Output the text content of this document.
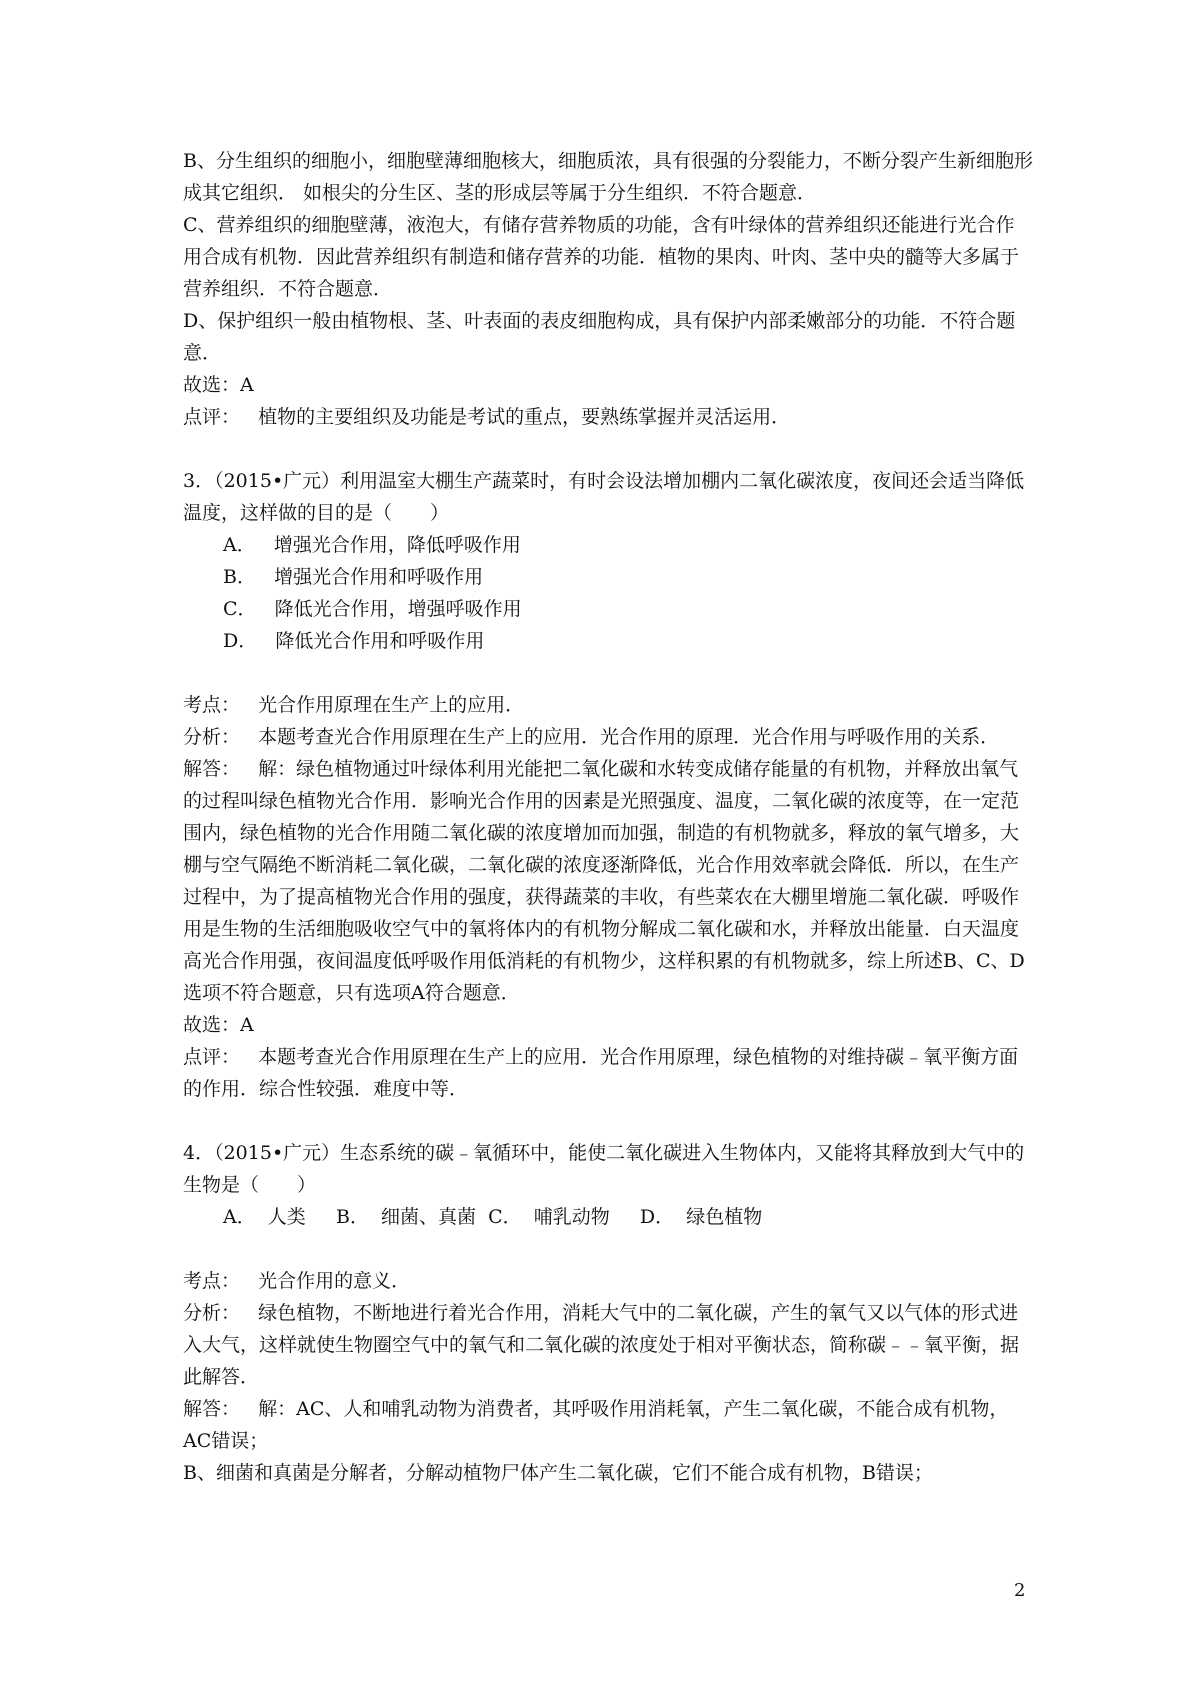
B、分生组织的细胞小，细胞壁薄细胞核大，细胞质浓，具有很强的分裂能力，不断分裂产生新细胞形成其它组织． 如根尖的分生区、茎的形成层等属于分生组织．不符合题意．

C、营养组织的细胞壁薄，液泡大，有储存营养物质的功能，含有叶绿体的营养组织还能进行光合作用合成有机物．因此营养组织有制造和储存营养的功能．植物的果肉、叶肉、茎中央的髓等大多属于营养组织．不符合题意．

D、保护组织一般由植物根、茎、叶表面的表皮细胞构成，具有保护内部柔嫩部分的功能．不符合题意．

故选：A

点评：   植物的主要组织及功能是考试的重点，要熟练掌握并灵活运用．

3．（2015•广元）利用温室大棚生产蔬菜时，有时会设法增加棚内二氧化碳浓度，夜间还会适当降低温度，这样做的目的是（　　）

A．   增强光合作用，降低呼吸作用

B．   增强光合作用和呼吸作用

C．   降低光合作用，增强呼吸作用

D．   降低光合作用和呼吸作用

考点：   光合作用原理在生产上的应用．

分析：   本题考查光合作用原理在生产上的应用．光合作用的原理．光合作用与呼吸作用的关系．

解答：   解：绿色植物通过叶绿体利用光能把二氧化碳和水转变成储存能量的有机物，并释放出氧气的过程叫绿色植物光合作用．影响光合作用的因素是光照强度、温度，二氧化碳的浓度等，在一定范围内，绿色植物的光合作用随二氧化碳的浓度增加而加强，制造的有机物就多，释放的氧气增多，大棚与空气隔绝不断消耗二氧化碳，二氧化碳的浓度逐渐降低，光合作用效率就会降低．所以，在生产过程中，为了提高植物光合作用的强度，获得蔬菜的丰收，有些菜农在大棚里增施二氧化碳．呼吸作用是生物的生活细胞吸收空气中的氧将体内的有机物分解成二氧化碳和水，并释放出能量．白天温度高光合作用强，夜间温度低呼吸作用低消耗的有机物少，这样积累的有机物就多，综上所述B、C、D选项不符合题意，只有选项A符合题意．

故选：A

点评：   本题考查光合作用原理在生产上的应用．光合作用原理，绿色植物的对维持碳﹣氧平衡方面的作用．综合性较强．难度中等．

4．（2015•广元）生态系统的碳﹣氧循环中，能使二氧化碳进入生物体内，又能将其释放到大气中的生物是（　　）

A．  人类     B．  细菌、真菌  C．  哺乳动物     D．  绿色植物

考点：   光合作用的意义．

分析：   绿色植物，不断地进行着光合作用，消耗大气中的二氧化碳，产生的氧气又以气体的形式进入大气，这样就使生物圈空气中的氧气和二氧化碳的浓度处于相对平衡状态，简称碳﹣﹣氧平衡，据此解答．

解答：   解：AC、人和哺乳动物为消费者，其呼吸作用消耗氧，产生二氧化碳，不能合成有机物，AC错误；

B、细菌和真菌是分解者，分解动植物尸体产生二氧化碳，它们不能合成有机物，B错误；

2
